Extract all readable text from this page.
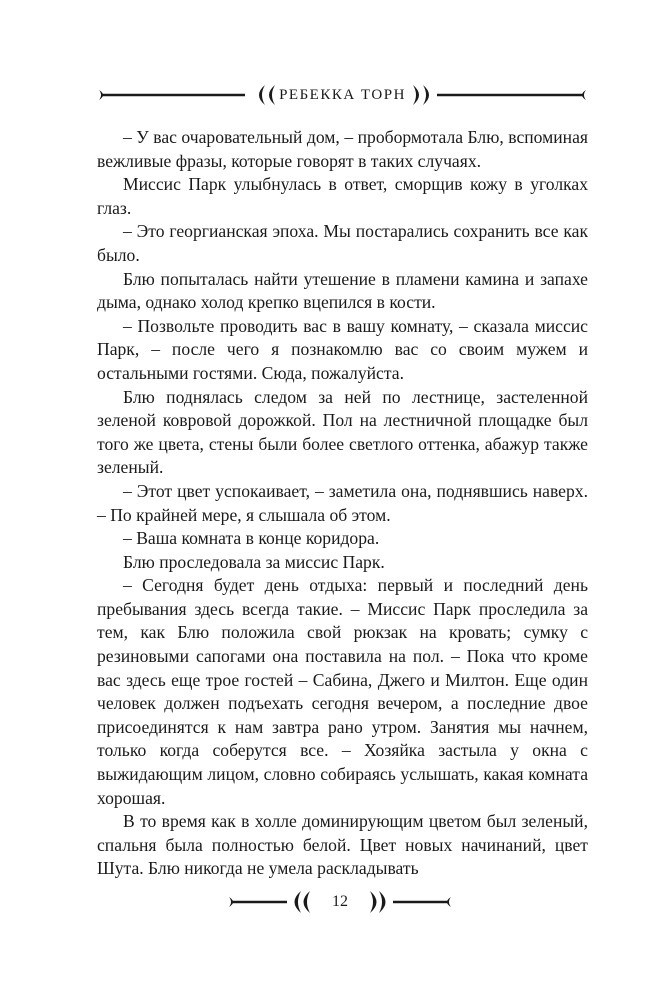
РЕБЕККА ТОРН

– У вас очаровательный дом, – пробормотала Блю, вспоминая вежливые фразы, которые говорят в таких случаях.

Миссис Парк улыбнулась в ответ, сморщив кожу в уголках глаз.

– Это георгианская эпоха. Мы постарались сохранить все как было.

Блю попыталась найти утешение в пламени камина и запахе дыма, однако холод крепко вцепился в кости.

– Позвольте проводить вас в вашу комнату, – сказала миссис Парк, – после чего я познакомлю вас со своим мужем и остальными гостями. Сюда, пожалуйста.

Блю поднялась следом за ней по лестнице, застеленной зеленой ковровой дорожкой. Пол на лестничной площадке был того же цвета, стены были более светлого оттенка, абажур также зеленый.

– Этот цвет успокаивает, – заметила она, поднявшись наверх. – По крайней мере, я слышала об этом.

– Ваша комната в конце коридора.

Блю проследовала за миссис Парк.

– Сегодня будет день отдыха: первый и последний день пребывания здесь всегда такие. – Миссис Парк проследила за тем, как Блю положила свой рюкзак на кровать; сумку с резиновыми сапогами она поставила на пол. – Пока что кроме вас здесь еще трое гостей – Сабина, Джего и Милтон. Еще один человек должен подъехать сегодня вечером, а последние двое присоединятся к нам завтра рано утром. Занятия мы начнем, только когда соберутся все. – Хозяйка застыла у окна с выжидающим лицом, словно собираясь услышать, какая комната хорошая.

В то время как в холле доминирующим цветом был зеленый, спальня была полностью белой. Цвет новых начинаний, цвет Шута. Блю никогда не умела раскладывать

12
